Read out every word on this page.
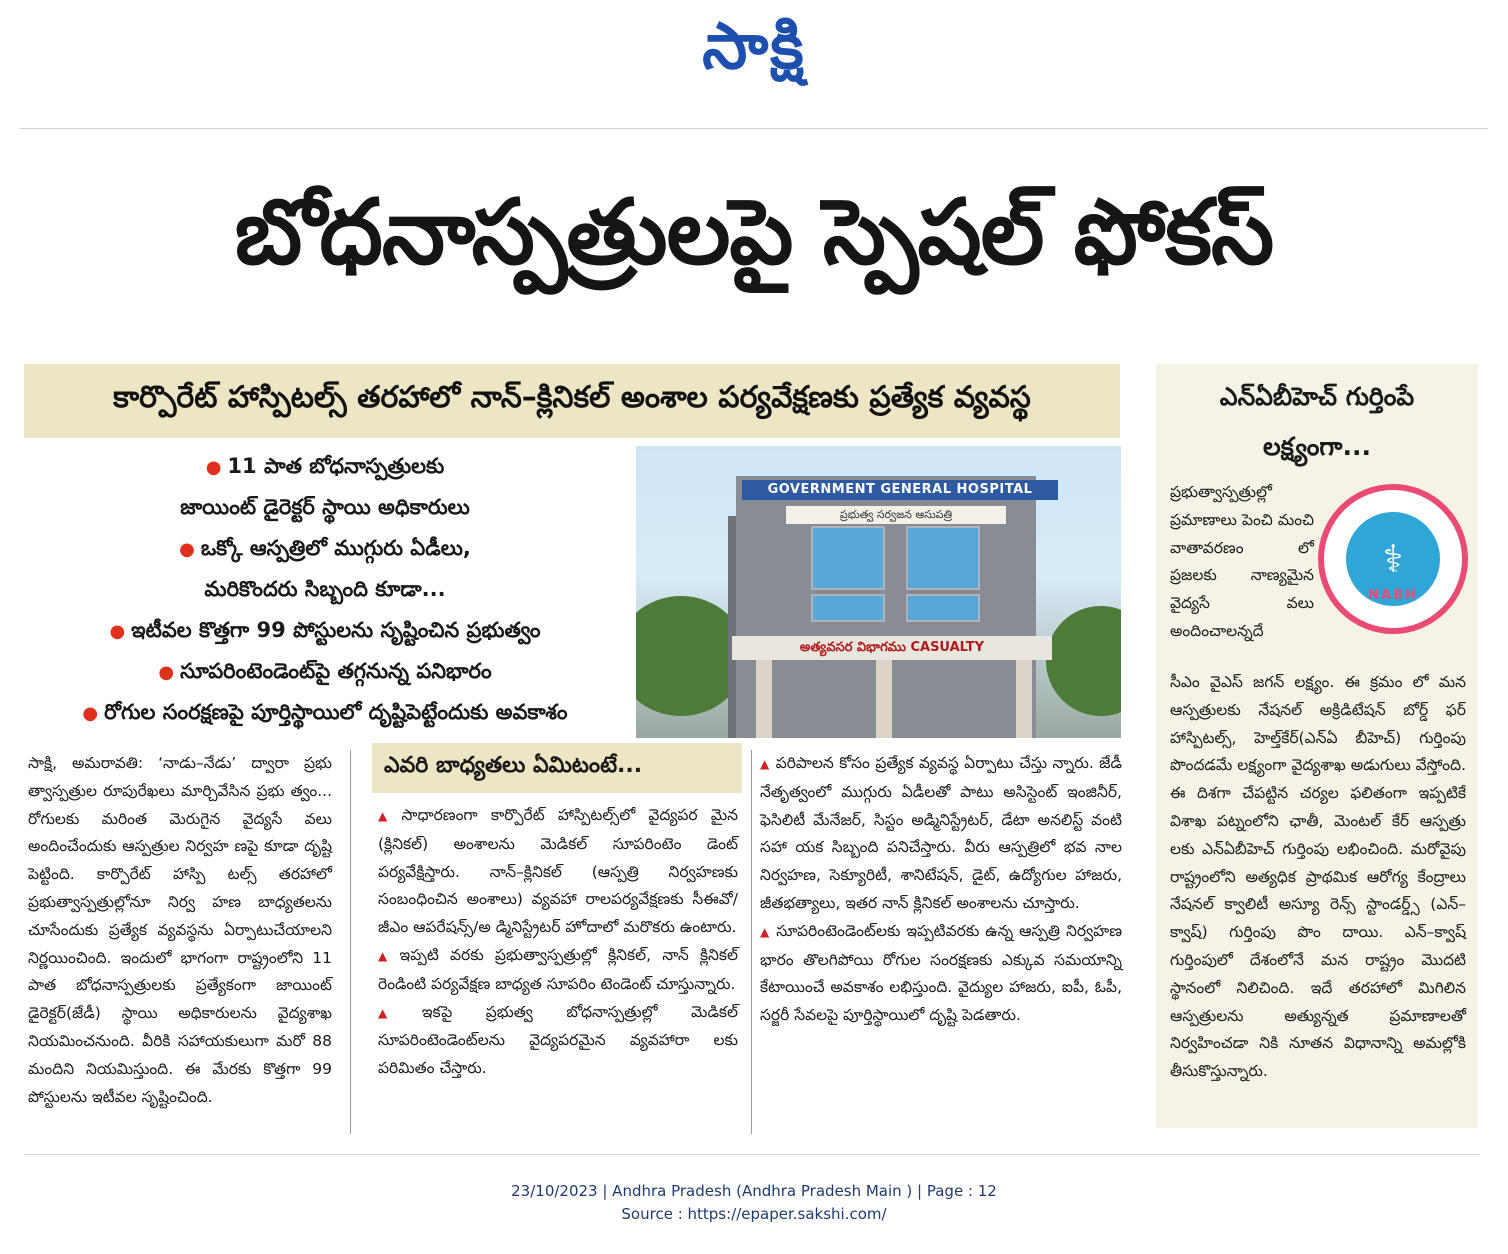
సాక్షి
బోధనాస్పత్రులపై స్పెషల్‌ ఫోకస్‌
కార్పొరేట్‌ హాస్పిటల్స్‌ తరహాలో నాన్‌–క్లినికల్‌ అంశాల పర్యవేక్షణకు ప్రత్యేక వ్యవస్థ
● 11 పాత బోధనాస్పత్రులకు
జాయింట్‌ డైరెక్టర్‌ స్థాయి అధికారులు
● ఒక్కో ఆస్పత్రిలో ముగ్గురు ఏడీలు,
మరికొందరు సిబ్బంది కూడా...
● ఇటీవల కొత్తగా 99 పోస్టులను సృష్టించిన ప్రభుత్వం
● సూపరింటెండెంట్‌పై తగ్గనున్న పనిభారం
● రోగుల సంరక్షణపై పూర్తిస్థాయిలో దృష్టిపెట్టేందుకు అవకాశం
GOVERNMENT GENERAL HOSPITAL
ప్రభుత్వ సర్వజన ఆసుపత్రి
అత్యవసర విభాగము CASUALTY
ఎన్‌ఏబీహెచ్‌ గుర్తింపే
లక్ష్యంగా...
ప్రభుత్వాస్పత్రుల్లో ప్రమాణాలు పెంచి మంచి వాతావరణం లో ప్రజలకు నాణ్యమైన వైద్యసే వలు అందించాలన్నదే
⚕
NABH
సీఎం వైఎస్‌ జగన్‌ లక్ష్యం. ఈ క్రమం లో మన ఆస్పత్రులకు నేషనల్‌ అక్రిడిటేషన్‌ బోర్డ్‌ ఫర్‌ హాస్పిటల్స్‌, హెల్త్‌కేర్‌(ఎన్‌ఏ బీహెచ్‌) గుర్తింపు పొందడమే లక్ష్యంగా వైద్యశాఖ అడుగులు వేస్తోంది. ఈ దిశగా చేపట్టిన చర్యల ఫలితంగా ఇప్పటికే విశాఖ పట్నంలోని ఛాతీ, మెంటల్‌ కేర్‌ ఆస్పత్రు లకు ఎన్‌ఏబీహెచ్‌ గుర్తింపు లభించింది. మరోవైపు రాష్ట్రంలోని అత్యధిక ప్రాథమిక ఆరోగ్య కేంద్రాలు నేషనల్‌ క్వాలిటీ అస్యూ రెన్స్‌ స్టాండర్డ్స్‌ (ఎన్‌–క్వాష్‌) గుర్తింపు పొం దాయి. ఎన్‌–క్వాష్‌ గుర్తింపులో దేశంలోనే మన రాష్ట్రం మొదటి స్థానంలో నిలిచింది. ఇదే తరహాలో మిగిలిన ఆస్పత్రులను అత్యున్నత ప్రమాణాలతో నిర్వహించడా నికి నూతన విధానాన్ని అమల్లోకి తీసుకొస్తున్నారు.
సాక్షి, అమరావతి: ‘నాడు–నేడు’ ద్వారా ప్రభు త్వాస్పత్రుల రూపురేఖలు మార్చివేసిన ప్రభు త్వం... రోగులకు మరింత మెరుగైన వైద్యసే వలు అందించేందుకు ఆస్పత్రుల నిర్వహ ణపై కూడా దృష్టి పెట్టింది. కార్పొరేట్‌ హాస్పి టల్స్‌ తరహాలో ప్రభుత్వాస్పత్రుల్లోనూ నిర్వ హణ బాధ్యతలను చూసేందుకు ప్రత్యేక వ్యవస్థను ఏర్పాటుచేయాలని నిర్ణయించింది. ఇందులో భాగంగా రాష్ట్రంలోని 11 పాత బోధనాస్పత్రులకు ప్రత్యేకంగా జాయింట్‌ డైరెక్టర్‌(జేడీ) స్థాయి అధికారులను వైద్యశాఖ నియమించనుంది. వీరికి సహాయకులుగా మరో 88 మందిని నియమిస్తుంది. ఈ మేరకు కొత్తగా 99 పోస్టులను ఇటీవల సృష్టించింది.
ఎవరి బాధ్యతలు ఏమిటంటే...
▲ సాధారణంగా కార్పొరేట్‌ హాస్పిటల్స్‌లో వైద్యపర మైన (క్లినికల్‌) అంశాలను మెడికల్‌ సూపరింటెం డెంట్‌ పర్యవేక్షిస్తారు. నాన్‌–క్లినికల్‌ (ఆస్పత్రి నిర్వహణకు సంబంధించిన అంశాలు) వ్యవహా రాలపర్యవేక్షణకు సీఈవో/జీఎం ఆపరేషన్స్‌/అ డ్మినిస్ట్రేటర్‌ హోదాలో మరొకరు ఉంటారు.
▲ ఇప్పటి వరకు ప్రభుత్వాస్పత్రుల్లో క్లినికల్‌, నాన్‌ క్లినికల్‌ రెండింటి పర్యవేక్షణ బాధ్యత సూపరిం టెండెంట్‌ చూస్తున్నారు.
▲ ఇకపై ప్రభుత్వ బోధనాస్పత్రుల్లో మెడికల్‌ సూపరింటెండెంట్‌లను వైద్యపరమైన వ్యవహారా లకు పరిమితం చేస్తారు.
▲ పరిపాలన కోసం ప్రత్యేక వ్యవస్థ ఏర్పాటు చేస్తు న్నారు. జేడీ నేతృత్వంలో ముగ్గురు ఏడీలతో పాటు అసిస్టెంట్‌ ఇంజినీర్‌, ఫెసిలిటీ మేనేజర్‌, సిస్టం అడ్మినిస్ట్రేటర్‌, డేటా అనలిస్ట్‌ వంటి సహా యక సిబ్బంది పనిచేస్తారు. వీరు ఆస్పత్రిలో భవ నాల నిర్వహణ, సెక్యూరిటీ, శానిటేషన్‌, డైట్‌, ఉద్యోగుల హాజరు, జీతభత్యాలు, ఇతర నాన్‌ క్లినికల్‌ అంశాలను చూస్తారు.
▲ సూపరింటెండెంట్‌లకు ఇప్పటివరకు ఉన్న ఆస్పత్రి నిర్వహణ భారం తొలగిపోయి రోగుల సంరక్షణకు ఎక్కువ సమయాన్ని కేటాయించే అవకాశం లభిస్తుంది. వైద్యుల హాజరు, ఐపీ, ఓపీ, సర్జరీ సేవలపై పూర్తిస్థాయిలో దృష్టి పెడతారు.
23/10/2023 | Andhra Pradesh (Andhra Pradesh Main ) | Page : 12
Source : https://epaper.sakshi.com/
